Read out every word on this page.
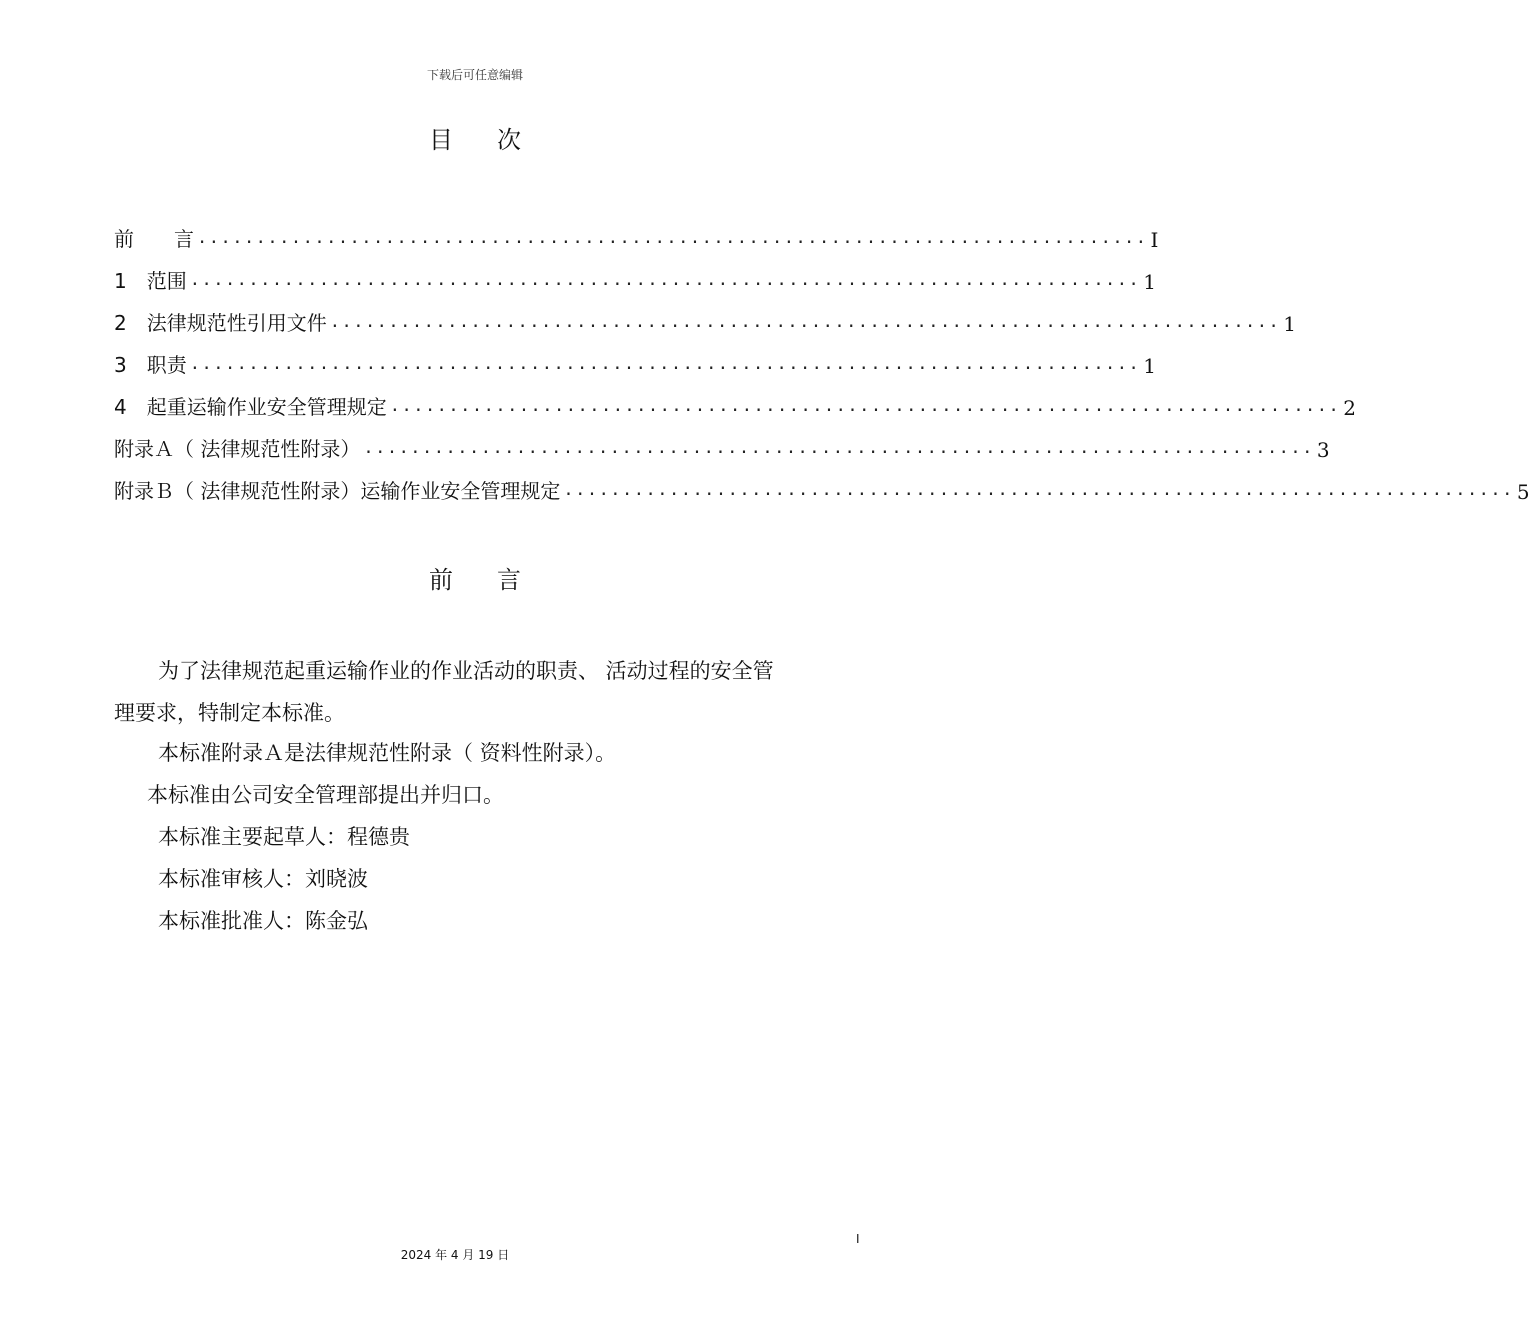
下载后可任意编辑
目次
前　　言 ................................................................................. I
1　范围 ................................................................................. 1
2　法律规范性引用文件 ................................................................................. 1
3　职责 ................................................................................. 1
4　起重运输作业安全管理规定 ................................................................................. 2
附录Ａ（ 法律规范性附录） ................................................................................. 3
附录Ｂ（ 法律规范性附录）运输作业安全管理规定 ................................................................................. 5
前言
为了法律规范起重运输作业的作业活动的职责、 活动过程的安全管
理要求，特制定本标准。
本标准附录Ａ是法律规范性附录（ 资料性附录）。
本标准由公司安全管理部提出并归口。
本标准主要起草人：程德贵
本标准审核人：刘晓波
本标准批准人：陈金弘
I
2024 年 4 月 19 日
